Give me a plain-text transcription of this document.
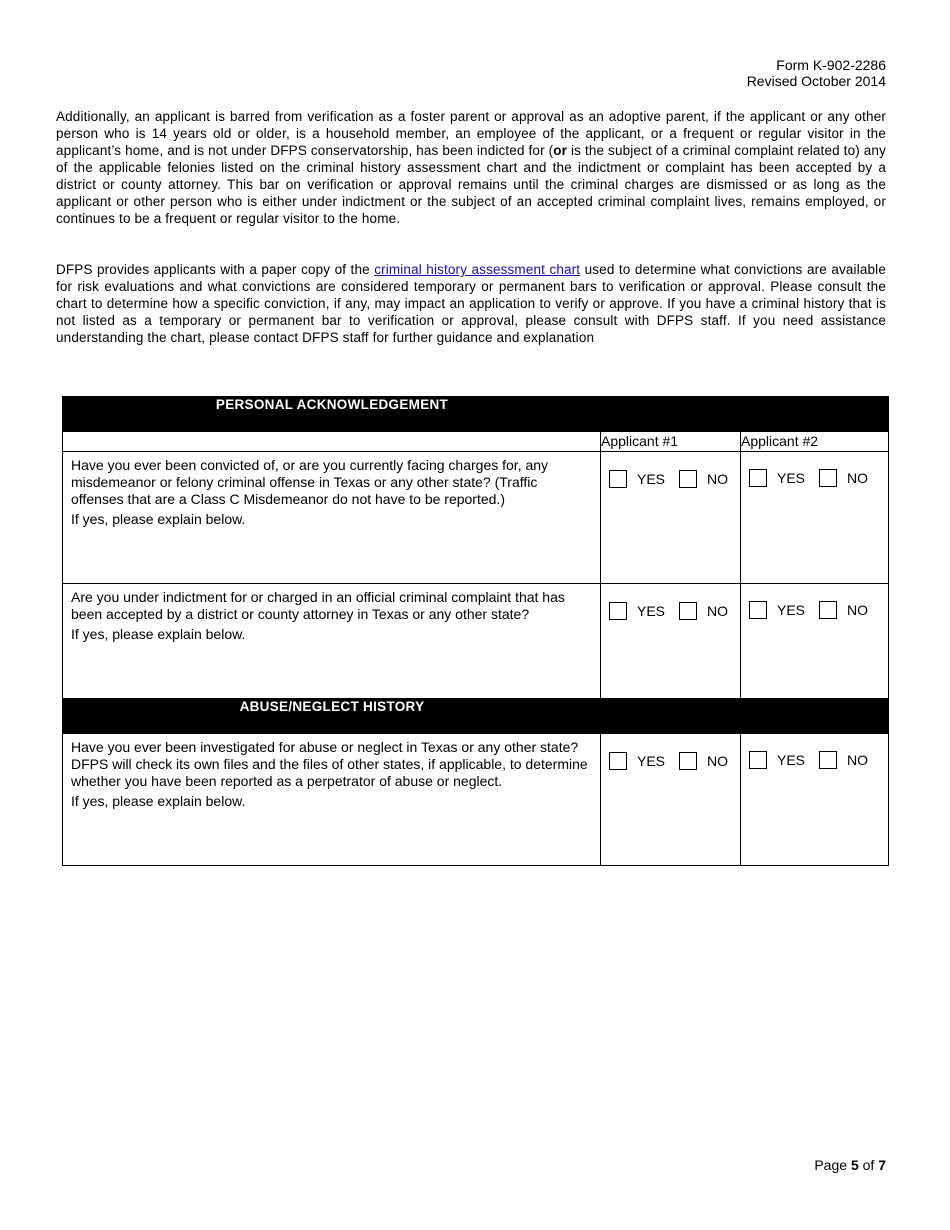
Form K-902-2286
Revised October 2014
Additionally, an applicant is barred from verification as a foster parent or approval as an adoptive parent, if the applicant or any other person who is 14 years old or older, is a household member, an employee of the applicant, or a frequent or regular visitor in the applicant’s home, and is not under DFPS conservatorship, has been indicted for (or is the subject of a criminal complaint related to) any of the applicable felonies listed on the criminal history assessment chart and the indictment or complaint has been accepted by a district or county attorney. This bar on verification or approval remains until the criminal charges are dismissed or as long as the applicant or other person who is either under indictment or the subject of an accepted criminal complaint lives, remains employed, or continues to be a frequent or regular visitor to the home.
DFPS provides applicants with a paper copy of the criminal history assessment chart used to determine what convictions are available for risk evaluations and what convictions are considered temporary or permanent bars to verification or approval. Please consult the chart to determine how a specific conviction, if any, may impact an application to verify or approve. If you have a criminal history that is not listed as a temporary or permanent bar to verification or approval, please consult with DFPS staff. If you need assistance understanding the chart, please contact DFPS staff for further guidance and explanation
PERSONAL ACKNOWLEDGEMENT		
	Applicant #1	Applicant #2
Have you ever been convicted of, or are you currently facing charges for, any misdemeanor or felony criminal offense in Texas or any other state? (Traffic offenses that are a Class C Misdemeanor do not have to be reported.)
If yes, please explain below.	YES NO	YES NO

Are you under indictment for or charged in an official criminal complaint that has been accepted by a district or county attorney in Texas or any other state?
If yes, please explain below.	YES NO	YES NO

ABUSE/NEGLECT HISTORY		
Have you ever been investigated for abuse or neglect in Texas or any other state? DFPS will check its own files and the files of other states, if applicable, to determine whether you have been reported as a perpetrator of abuse or neglect.
If yes, please explain below.	YES NO	YES NO
Page 5 of 7
